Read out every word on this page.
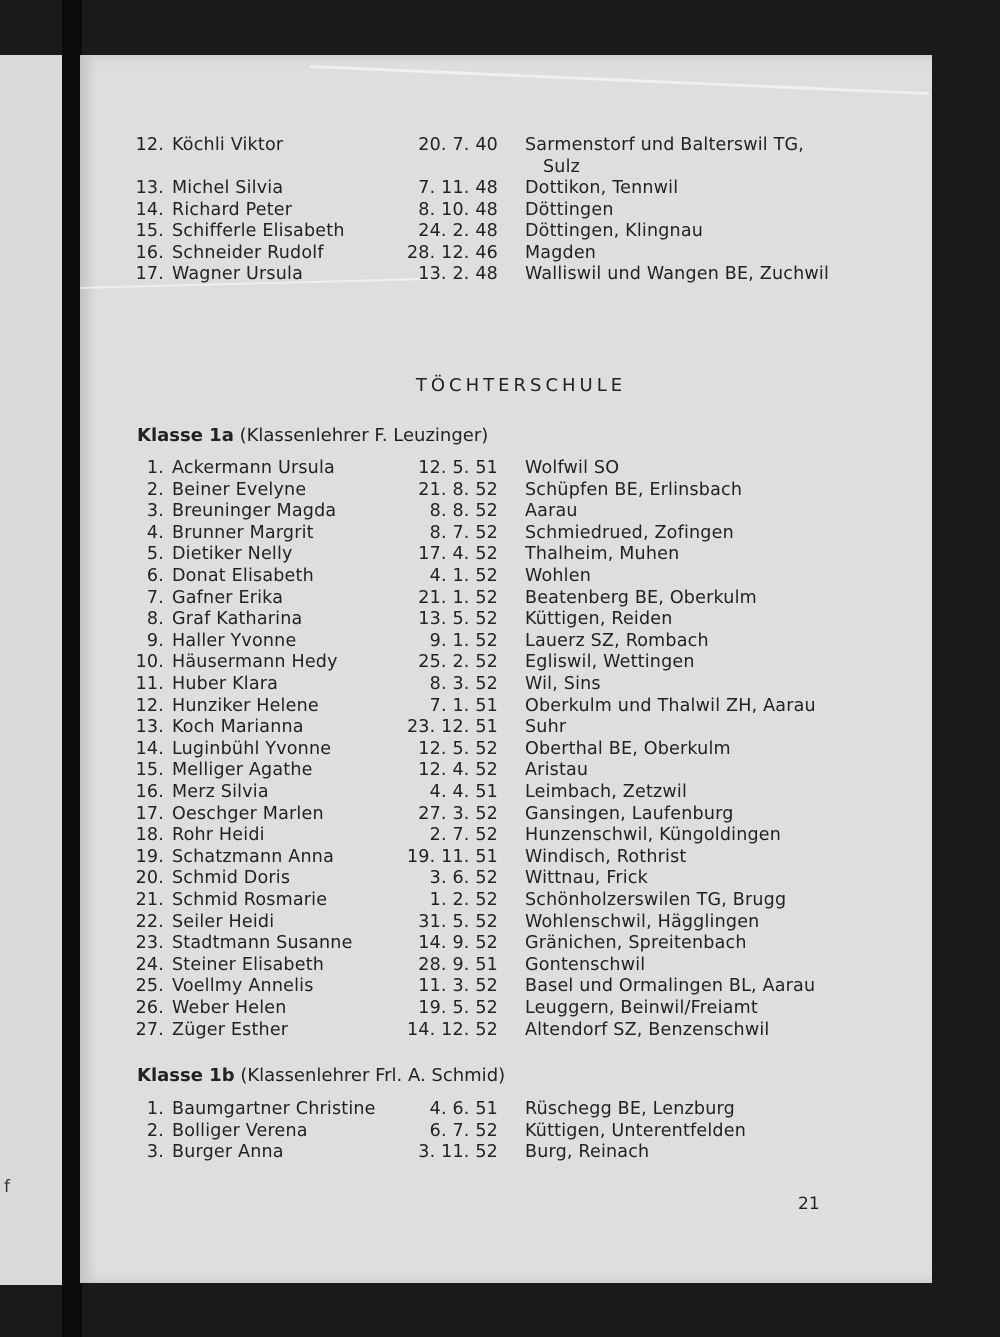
f
12. Köchli Viktor	20. 7. 40 Sarmenstorf und Balterswil TG,
Sulz
13. Michel Silvia	7. 11. 48 Dottikon, Tennwil
14. Richard Peter	8. 10. 48 Döttingen
15. Schifferle Elisabeth	24. 2. 48 Döttingen, Klingnau
16. Schneider Rudolf	28. 12. 46 Magden
17. Wagner Ursula	13. 2. 48 Walliswil und Wangen BE, Zuchwil
TÖCHTERSCHULE
Klasse 1a (Klassenlehrer F. Leuzinger)
1. Ackermann Ursula	12. 5. 51 Wolfwil SO
2. Beiner Evelyne	21. 8. 52 Schüpfen BE, Erlinsbach
3. Breuninger Magda	8. 8. 52 Aarau
4. Brunner Margrit	8. 7. 52 Schmiedrued, Zofingen
5. Dietiker Nelly	17. 4. 52 Thalheim, Muhen
6. Donat Elisabeth	4. 1. 52 Wohlen
7. Gafner Erika	21. 1. 52 Beatenberg BE, Oberkulm
8. Graf Katharina	13. 5. 52 Küttigen, Reiden
9. Haller Yvonne	9. 1. 52 Lauerz SZ, Rombach
10. Häusermann Hedy	25. 2. 52 Egliswil, Wettingen
11. Huber Klara	8. 3. 52 Wil, Sins
12. Hunziker Helene	7. 1. 51 Oberkulm und Thalwil ZH, Aarau
13. Koch Marianna	23. 12. 51 Suhr
14. Luginbühl Yvonne	12. 5. 52 Oberthal BE, Oberkulm
15. Melliger Agathe	12. 4. 52 Aristau
16. Merz Silvia	4. 4. 51 Leimbach, Zetzwil
17. Oeschger Marlen	27. 3. 52 Gansingen, Laufenburg
18. Rohr Heidi	2. 7. 52 Hunzenschwil, Küngoldingen
19. Schatzmann Anna	19. 11. 51 Windisch, Rothrist
20. Schmid Doris	3. 6. 52 Wittnau, Frick
21. Schmid Rosmarie	1. 2. 52 Schönholzerswilen TG, Brugg
22. Seiler Heidi	31. 5. 52 Wohlenschwil, Hägglingen
23. Stadtmann Susanne	14. 9. 52 Gränichen, Spreitenbach
24. Steiner Elisabeth	28. 9. 51 Gontenschwil
25. Voellmy Annelis	11. 3. 52 Basel und Ormalingen BL, Aarau
26. Weber Helen	19. 5. 52 Leuggern, Beinwil/Freiamt
27. Züger Esther	14. 12. 52 Altendorf SZ, Benzenschwil
Klasse 1b (Klassenlehrer Frl. A. Schmid)
1. Baumgartner Christine	4. 6. 51 Rüschegg BE, Lenzburg
2. Bolliger Verena	6. 7. 52 Küttigen, Unterentfelden
3. Burger Anna	3. 11. 52 Burg, Reinach
21
